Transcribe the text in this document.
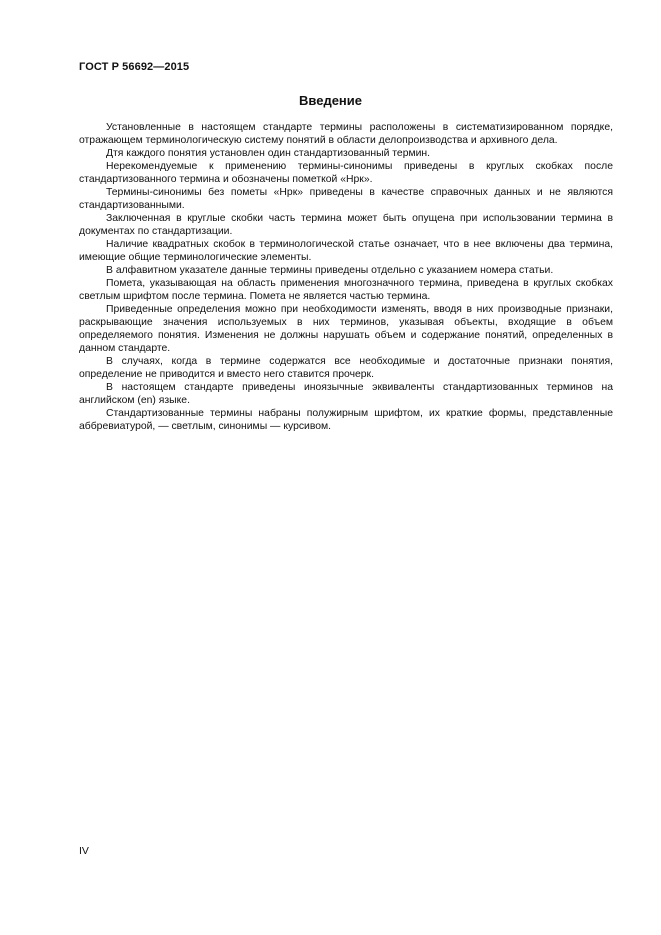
ГОСТ Р 56692—2015
Введение

Установленные в настоящем стандарте термины расположены в систематизированном порядке, отражающем терминологическую систему понятий в области делопроизводства и архивного дела.

Дтя каждого понятия установлен один стандартизованный термин.

Нерекомендуемые к применению термины-синонимы приведены в круглых скобках после стандартизованного термина и обозначены пометкой «Нрк».

Термины-синонимы без пометы «Нрк» приведены в качестве справочных данных и не являются стандартизованными.

Заключенная в круглые скобки часть термина может быть опущена при использовании термина в документах по стандартизации.

Наличие квадратных скобок в терминологической статье означает, что в нее включены два термина, имеющие общие терминологические элементы.

В алфавитном указателе данные термины приведены отдельно с указанием номера статьи.

Помета, указывающая на область применения многозначного термина, приведена в круглых скобках светлым шрифтом после термина. Помета не является частью термина.

Приведенные определения можно при необходимости изменять, вводя в них производные признаки, раскрывающие значения используемых в них терминов, указывая объекты, входящие в объем определяемого понятия. Изменения не должны нарушать объем и содержание понятий, определенных в данном стандарте.

В случаях, когда в термине содержатся все необходимые и достаточные признаки понятия, определение не приводится и вместо него ставится прочерк.

В настоящем стандарте приведены иноязычные эквиваленты стандартизованных терминов на английском (en) языке.

Стандартизованные термины набраны полужирным шрифтом, их краткие формы, представленные аббревиатурой, — светлым, синонимы — курсивом.

IV
